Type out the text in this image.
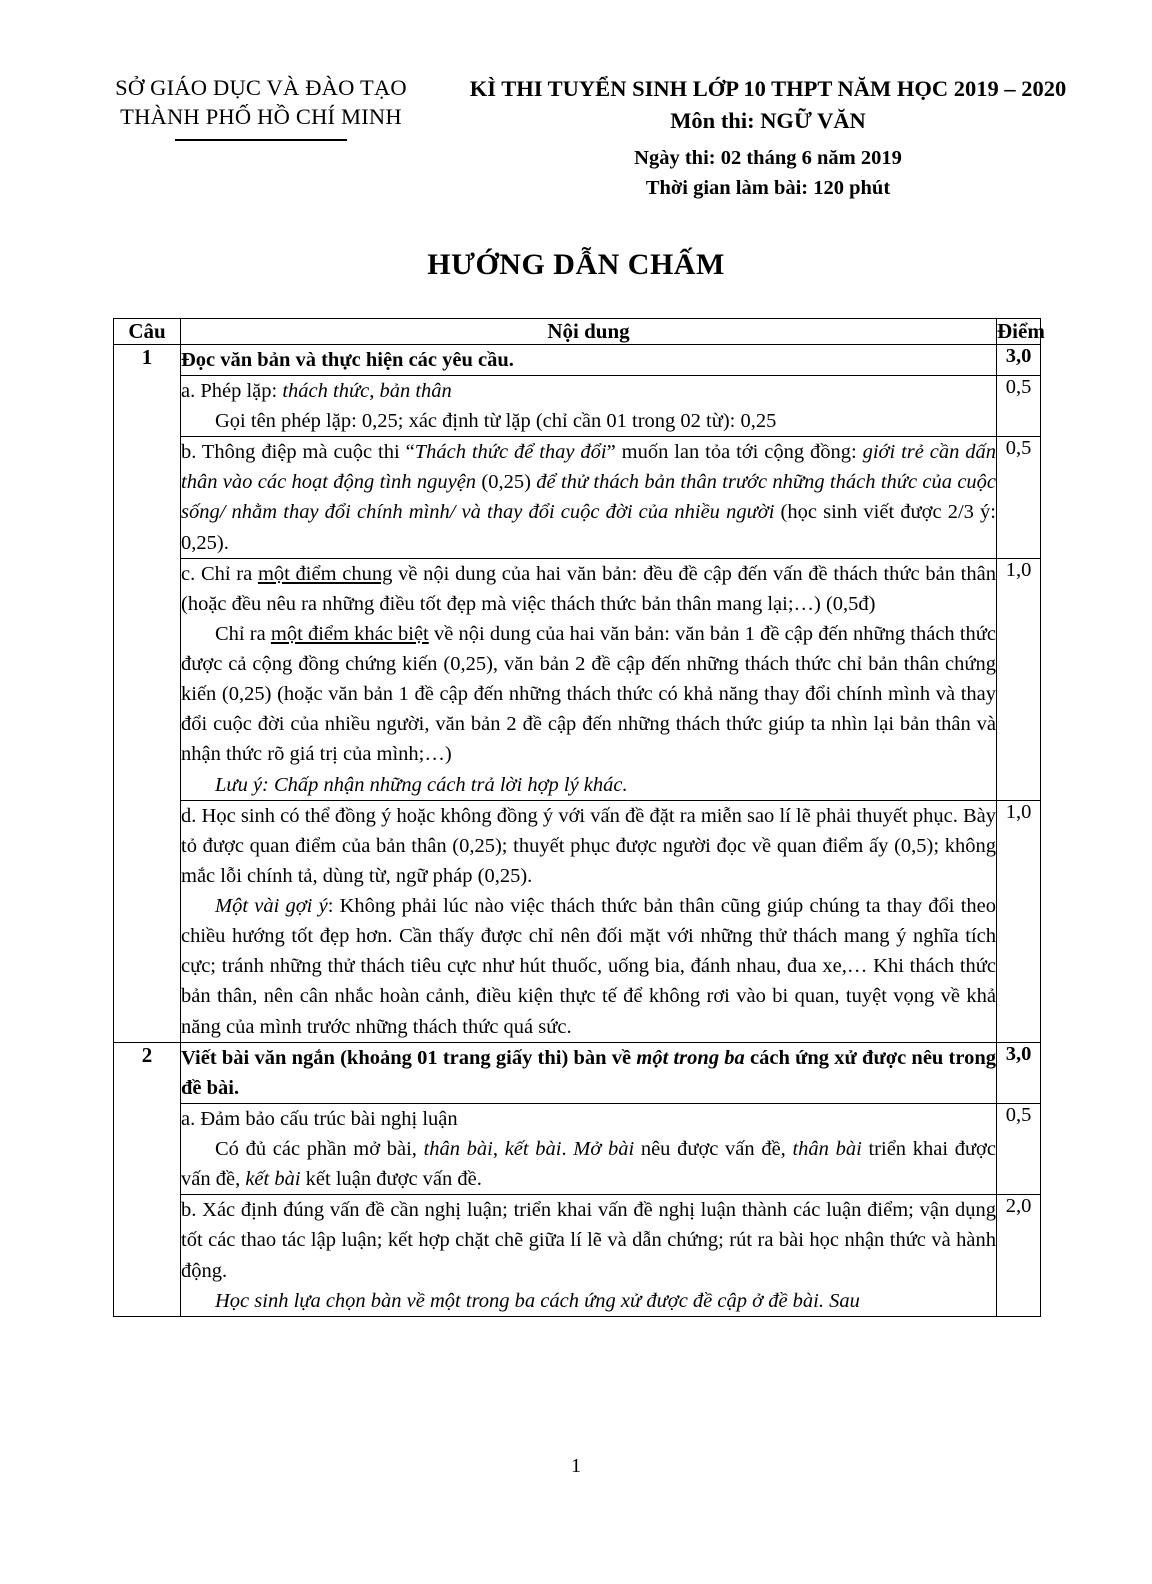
SỞ GIÁO DỤC VÀ ĐÀO TẠO
THÀNH PHỐ HỒ CHÍ MINH
KÌ THI TUYỂN SINH LỚP 10 THPT NĂM HỌC 2019 – 2020
Môn thi: NGỮ VĂN
Ngày thi: 02 tháng 6 năm 2019
Thời gian làm bài: 120 phút
HƯỚNG DẪN CHẤM
Câu	Nội dung	Điểm
1	Đọc văn bản và thực hiện các yêu cầu.	3,0

	a. Phép lặp: thách thức, bản thân

Gọi tên phép lặp: 0,25; xác định từ lặp (chỉ cần 01 trong 02 từ): 0,25	0,5

	b. Thông điệp mà cuộc thi “Thách thức để thay đổi” muốn lan tỏa tới cộng đồng: giới trẻ cần dấn thân vào các hoạt động tình nguyện (0,25) để thử thách bản thân trước những thách thức của cuộc sống/ nhằm thay đổi chính mình/ và thay đổi cuộc đời của nhiều người (học sinh viết được 2/3 ý: 0,25).	0,5

	c. Chỉ ra một điểm chung về nội dung của hai văn bản: đều đề cập đến vấn đề thách thức bản thân (hoặc đều nêu ra những điều tốt đẹp mà việc thách thức bản thân mang lại;…) (0,5đ)

Chỉ ra một điểm khác biệt về nội dung của hai văn bản: văn bản 1 đề cập đến những thách thức được cả cộng đồng chứng kiến (0,25), văn bản 2 đề cập đến những thách thức chỉ bản thân chứng kiến (0,25) (hoặc văn bản 1 đề cập đến những thách thức có khả năng thay đổi chính mình và thay đổi cuộc đời của nhiều người, văn bản 2 đề cập đến những thách thức giúp ta nhìn lại bản thân và nhận thức rõ giá trị của mình;…)

Lưu ý: Chấp nhận những cách trả lời hợp lý khác.	1,0

	d. Học sinh có thể đồng ý hoặc không đồng ý với vấn đề đặt ra miễn sao lí lẽ phải thuyết phục. Bày tỏ được quan điểm của bản thân (0,25); thuyết phục được người đọc về quan điểm ấy (0,5); không mắc lỗi chính tả, dùng từ, ngữ pháp (0,25).

Một vài gợi ý: Không phải lúc nào việc thách thức bản thân cũng giúp chúng ta thay đổi theo chiều hướng tốt đẹp hơn. Cần thấy được chỉ nên đối mặt với những thử thách mang ý nghĩa tích cực; tránh những thử thách tiêu cực như hút thuốc, uống bia, đánh nhau, đua xe,… Khi thách thức bản thân, nên cân nhắc hoàn cảnh, điều kiện thực tế để không rơi vào bi quan, tuyệt vọng về khả năng của mình trước những thách thức quá sức.	1,0
2	Viết bài văn ngắn (khoảng 01 trang giấy thi) bàn về một trong ba cách ứng xử được nêu trong đề bài.	3,0

	a. Đảm bảo cấu trúc bài nghị luận

Có đủ các phần mở bài, thân bài, kết bài. Mở bài nêu được vấn đề, thân bài triển khai được vấn đề, kết bài kết luận được vấn đề.	0,5

	b. Xác định đúng vấn đề cần nghị luận; triển khai vấn đề nghị luận thành các luận điểm; vận dụng tốt các thao tác lập luận; kết hợp chặt chẽ giữa lí lẽ và dẫn chứng; rút ra bài học nhận thức và hành động.

Học sinh lựa chọn bàn về một trong ba cách ứng xử được đề cập ở đề bài. Sau	2,0
1
